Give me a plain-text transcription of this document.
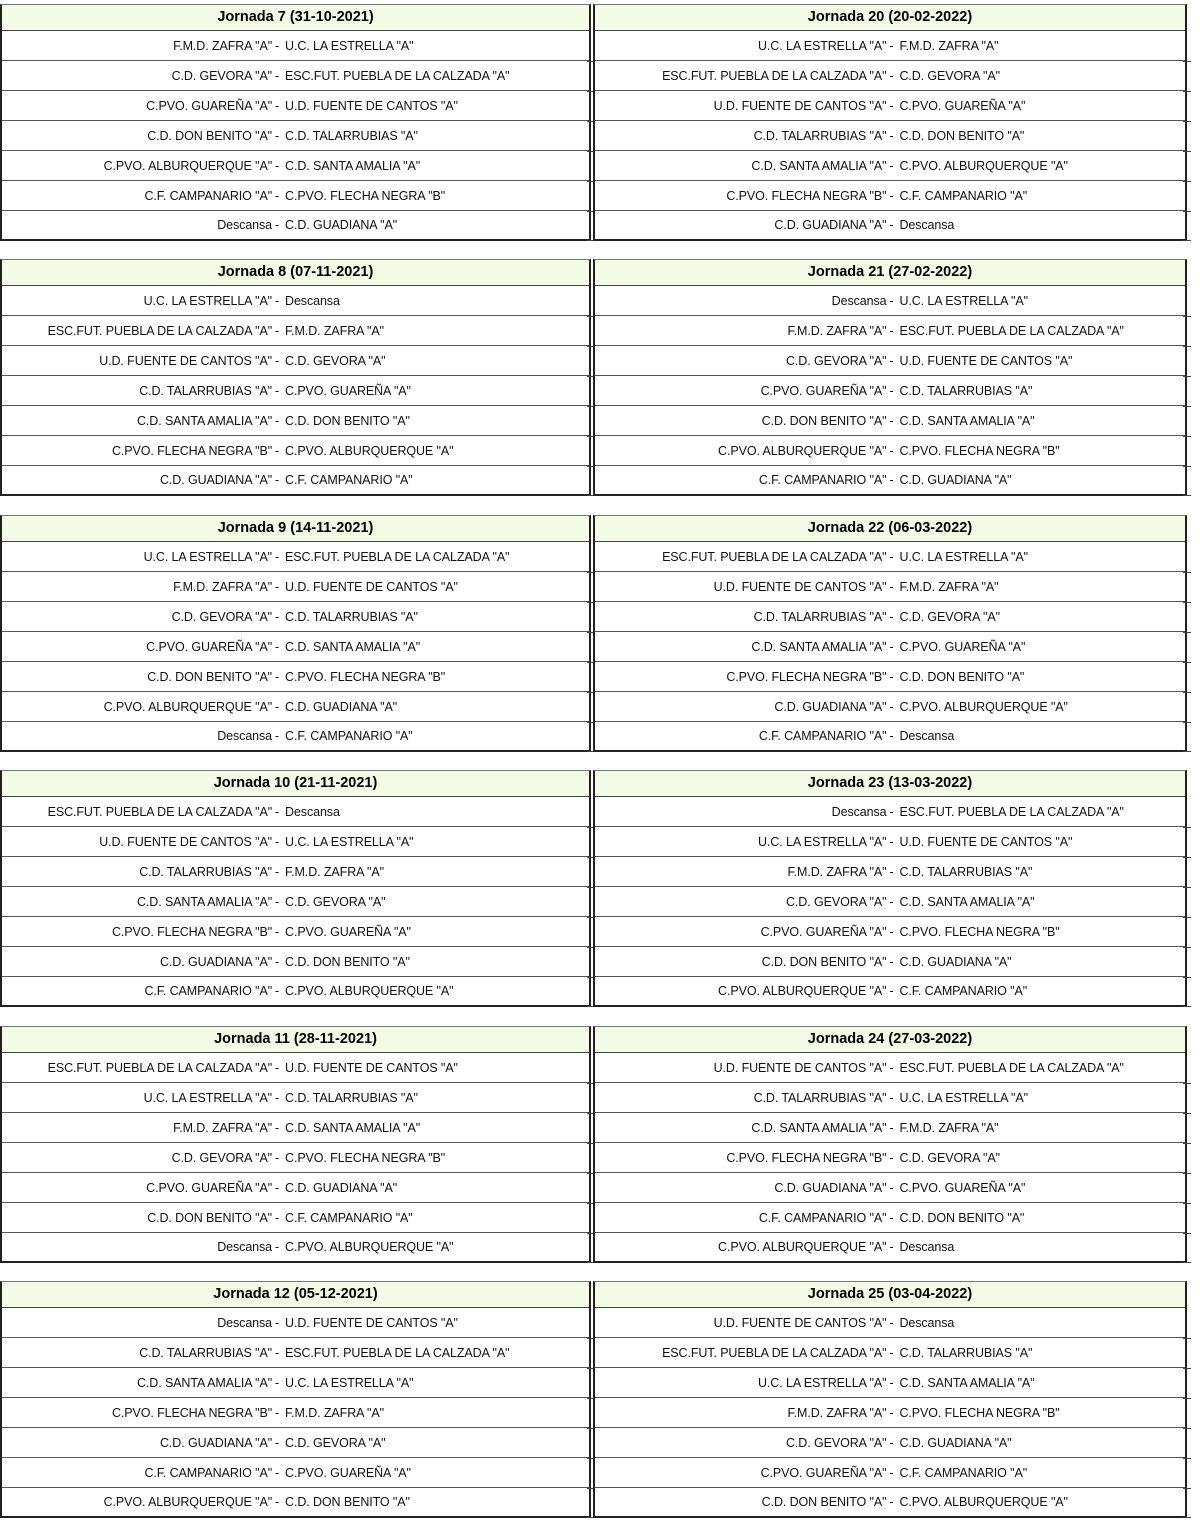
Jornada 7 (31-10-2021)
F.M.D. ZAFRA "A" - U.C. LA ESTRELLA "A"
C.D. GEVORA "A" - ESC.FUT. PUEBLA DE LA CALZADA "A"
C.PVO. GUAREÑA "A" - U.D. FUENTE DE CANTOS "A"
C.D. DON BENITO "A" - C.D. TALARRUBIAS "A"
C.PVO. ALBURQUERQUE "A" - C.D. SANTA AMALIA "A"
C.F. CAMPANARIO "A" - C.PVO. FLECHA NEGRA "B"
Descansa - C.D. GUADIANA "A"
Jornada 8 (07-11-2021)
U.C. LA ESTRELLA "A" - Descansa
ESC.FUT. PUEBLA DE LA CALZADA "A" - F.M.D. ZAFRA "A"
U.D. FUENTE DE CANTOS "A" - C.D. GEVORA "A"
C.D. TALARRUBIAS "A" - C.PVO. GUAREÑA "A"
C.D. SANTA AMALIA "A" - C.D. DON BENITO "A"
C.PVO. FLECHA NEGRA "B" - C.PVO. ALBURQUERQUE "A"
C.D. GUADIANA "A" - C.F. CAMPANARIO "A"
Jornada 9 (14-11-2021)
U.C. LA ESTRELLA "A" - ESC.FUT. PUEBLA DE LA CALZADA "A"
F.M.D. ZAFRA "A" - U.D. FUENTE DE CANTOS "A"
C.D. GEVORA "A" - C.D. TALARRUBIAS "A"
C.PVO. GUAREÑA "A" - C.D. SANTA AMALIA "A"
C.D. DON BENITO "A" - C.PVO. FLECHA NEGRA "B"
C.PVO. ALBURQUERQUE "A" - C.D. GUADIANA "A"
Descansa - C.F. CAMPANARIO "A"
Jornada 10 (21-11-2021)
ESC.FUT. PUEBLA DE LA CALZADA "A" - Descansa
U.D. FUENTE DE CANTOS "A" - U.C. LA ESTRELLA "A"
C.D. TALARRUBIAS "A" - F.M.D. ZAFRA "A"
C.D. SANTA AMALIA "A" - C.D. GEVORA "A"
C.PVO. FLECHA NEGRA "B" - C.PVO. GUAREÑA "A"
C.D. GUADIANA "A" - C.D. DON BENITO "A"
C.F. CAMPANARIO "A" - C.PVO. ALBURQUERQUE "A"
Jornada 11 (28-11-2021)
ESC.FUT. PUEBLA DE LA CALZADA "A" - U.D. FUENTE DE CANTOS "A"
U.C. LA ESTRELLA "A" - C.D. TALARRUBIAS "A"
F.M.D. ZAFRA "A" - C.D. SANTA AMALIA "A"
C.D. GEVORA "A" - C.PVO. FLECHA NEGRA "B"
C.PVO. GUAREÑA "A" - C.D. GUADIANA "A"
C.D. DON BENITO "A" - C.F. CAMPANARIO "A"
Descansa - C.PVO. ALBURQUERQUE "A"
Jornada 12 (05-12-2021)
Descansa - U.D. FUENTE DE CANTOS "A"
C.D. TALARRUBIAS "A" - ESC.FUT. PUEBLA DE LA CALZADA "A"
C.D. SANTA AMALIA "A" - U.C. LA ESTRELLA "A"
C.PVO. FLECHA NEGRA "B" - F.M.D. ZAFRA "A"
C.D. GUADIANA "A" - C.D. GEVORA "A"
C.F. CAMPANARIO "A" - C.PVO. GUAREÑA "A"
C.PVO. ALBURQUERQUE "A" - C.D. DON BENITO "A"
Jornada 20 (20-02-2022)
U.C. LA ESTRELLA "A" - F.M.D. ZAFRA "A"
ESC.FUT. PUEBLA DE LA CALZADA "A" - C.D. GEVORA "A"
U.D. FUENTE DE CANTOS "A" - C.PVO. GUAREÑA "A"
C.D. TALARRUBIAS "A" - C.D. DON BENITO "A"
C.D. SANTA AMALIA "A" - C.PVO. ALBURQUERQUE "A"
C.PVO. FLECHA NEGRA "B" - C.F. CAMPANARIO "A"
C.D. GUADIANA "A" - Descansa
Jornada 21 (27-02-2022)
Descansa - U.C. LA ESTRELLA "A"
F.M.D. ZAFRA "A" - ESC.FUT. PUEBLA DE LA CALZADA "A"
C.D. GEVORA "A" - U.D. FUENTE DE CANTOS "A"
C.PVO. GUAREÑA "A" - C.D. TALARRUBIAS "A"
C.D. DON BENITO "A" - C.D. SANTA AMALIA "A"
C.PVO. ALBURQUERQUE "A" - C.PVO. FLECHA NEGRA "B"
C.F. CAMPANARIO "A" - C.D. GUADIANA "A"
Jornada 22 (06-03-2022)
ESC.FUT. PUEBLA DE LA CALZADA "A" - U.C. LA ESTRELLA "A"
U.D. FUENTE DE CANTOS "A" - F.M.D. ZAFRA "A"
C.D. TALARRUBIAS "A" - C.D. GEVORA "A"
C.D. SANTA AMALIA "A" - C.PVO. GUAREÑA "A"
C.PVO. FLECHA NEGRA "B" - C.D. DON BENITO "A"
C.D. GUADIANA "A" - C.PVO. ALBURQUERQUE "A"
C.F. CAMPANARIO "A" - Descansa
Jornada 23 (13-03-2022)
Descansa - ESC.FUT. PUEBLA DE LA CALZADA "A"
U.C. LA ESTRELLA "A" - U.D. FUENTE DE CANTOS "A"
F.M.D. ZAFRA "A" - C.D. TALARRUBIAS "A"
C.D. GEVORA "A" - C.D. SANTA AMALIA "A"
C.PVO. GUAREÑA "A" - C.PVO. FLECHA NEGRA "B"
C.D. DON BENITO "A" - C.D. GUADIANA "A"
C.PVO. ALBURQUERQUE "A" - C.F. CAMPANARIO "A"
Jornada 24 (27-03-2022)
U.D. FUENTE DE CANTOS "A" - ESC.FUT. PUEBLA DE LA CALZADA "A"
C.D. TALARRUBIAS "A" - U.C. LA ESTRELLA "A"
C.D. SANTA AMALIA "A" - F.M.D. ZAFRA "A"
C.PVO. FLECHA NEGRA "B" - C.D. GEVORA "A"
C.D. GUADIANA "A" - C.PVO. GUAREÑA "A"
C.F. CAMPANARIO "A" - C.D. DON BENITO "A"
C.PVO. ALBURQUERQUE "A" - Descansa
Jornada 25 (03-04-2022)
U.D. FUENTE DE CANTOS "A" - Descansa
ESC.FUT. PUEBLA DE LA CALZADA "A" - C.D. TALARRUBIAS "A"
U.C. LA ESTRELLA "A" - C.D. SANTA AMALIA "A"
F.M.D. ZAFRA "A" - C.PVO. FLECHA NEGRA "B"
C.D. GEVORA "A" - C.D. GUADIANA "A"
C.PVO. GUAREÑA "A" - C.F. CAMPANARIO "A"
C.D. DON BENITO "A" - C.PVO. ALBURQUERQUE "A"
